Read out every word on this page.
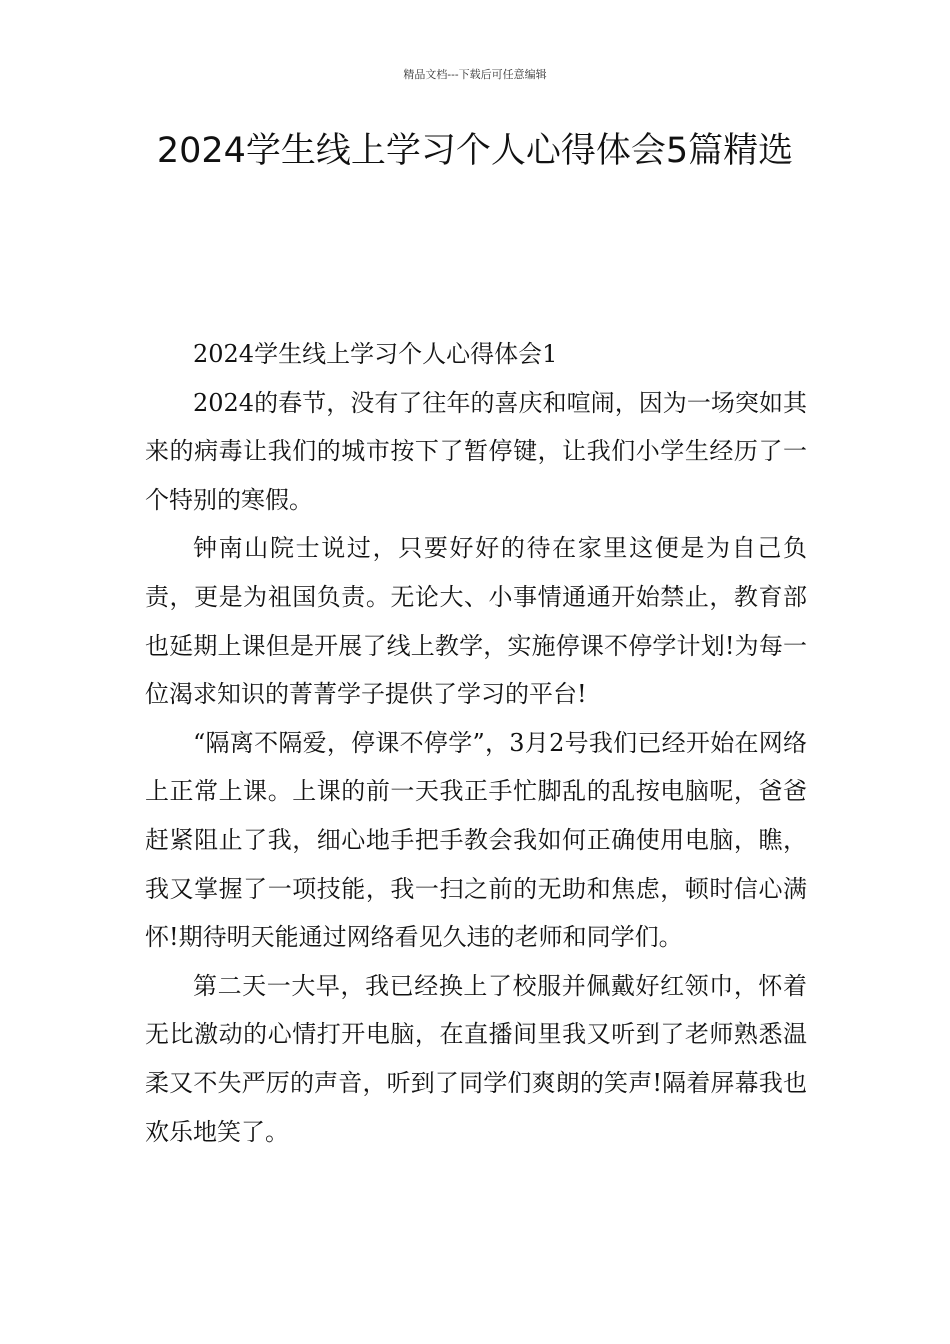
精品文档---下载后可任意编辑
2024学生线上学习个人心得体会5篇精选

2024学生线上学习个人心得体会1

2024的春节，没有了往年的喜庆和喧闹，因为一场突如其来的病毒让我们的城市按下了暂停键，让我们小学生经历了一个特别的寒假。

钟南山院士说过，只要好好的待在家里这便是为自己负责，更是为祖国负责。无论大、小事情通通开始禁止，教育部也延期上课但是开展了线上教学，实施停课不停学计划!为每一位渴求知识的菁菁学子提供了学习的平台!

“隔离不隔爱，停课不停学”，3月2号我们已经开始在网络上正常上课。上课的前一天我正手忙脚乱的乱按电脑呢，爸爸赶紧阻止了我，细心地手把手教会我如何正确使用电脑，瞧，我又掌握了一项技能，我一扫之前的无助和焦虑，顿时信心满怀!期待明天能通过网络看见久违的老师和同学们。

第二天一大早，我已经换上了校服并佩戴好红领巾，怀着无比激动的心情打开电脑，在直播间里我又听到了老师熟悉温柔又不失严厉的声音，听到了同学们爽朗的笑声!隔着屏幕我也欢乐地笑了。
